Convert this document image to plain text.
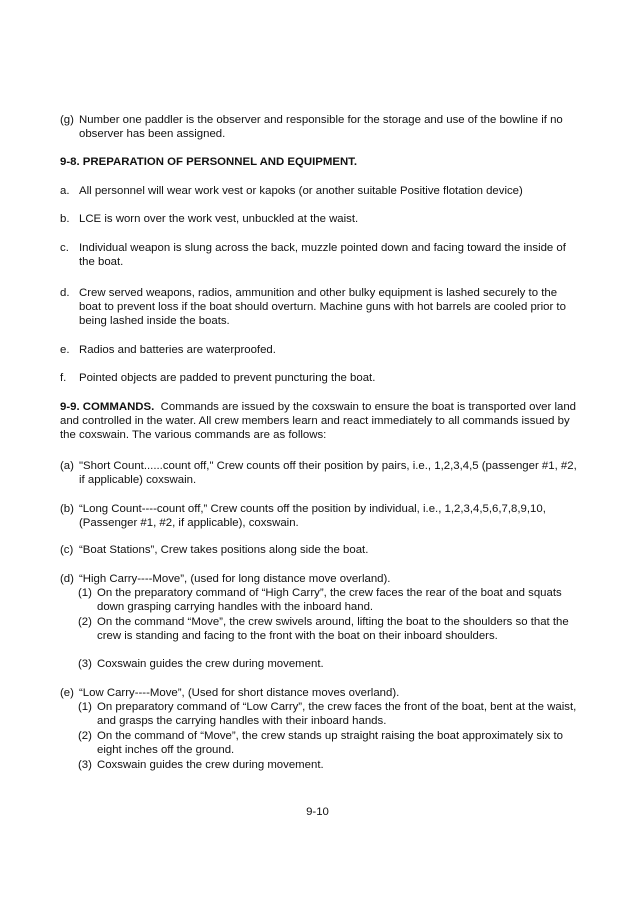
(g) Number one paddler is the observer and responsible for the storage and use of the bowline if no observer has been assigned.
9-8. PREPARATION OF PERSONNEL AND EQUIPMENT.
a. All personnel will wear work vest or kapoks (or another suitable Positive flotation device)
b. LCE is worn over the work vest, unbuckled at the waist.
c. Individual weapon is slung across the back, muzzle pointed down and facing toward the inside of the boat.
d. Crew served weapons, radios, ammunition and other bulky equipment is lashed securely to the boat to prevent loss if the boat should overturn. Machine guns with hot barrels are cooled prior to being lashed inside the boats.
e. Radios and batteries are waterproofed.
f.	Pointed objects are padded to prevent puncturing the boat.
9-9. COMMANDS. Commands are issued by the coxswain to ensure the boat is transported over land and controlled in the water. All crew members learn and react immediately to all commands issued by the coxswain. The various commands are as follows:
(a) "Short Count......count off," Crew counts off their position by pairs, i.e., 1,2,3,4,5 (passenger #1, #2, if applicable) coxswain.
(b) “Long Count----count off,” Crew counts off the position by individual, i.e., 1,2,3,4,5,6,7,8,9,10, (Passenger #1, #2, if applicable), coxswain.
(c) “Boat Stations”, Crew takes positions along side the boat.
(d) “High Carry----Move”, (used for long distance move overland).
(1) On the preparatory command of “High Carry”, the crew faces the rear of the boat and squats down grasping carrying handles with the inboard hand.
(2) On the command “Move”, the crew swivels around, lifting the boat to the shoulders so that the crew is standing and facing to the front with the boat on their inboard shoulders.
(3) Coxswain guides the crew during movement.
(e) “Low Carry----Move”, (Used for short distance moves overland).
(1) On preparatory command of “Low Carry”, the crew faces the front of the boat, bent at the waist, and grasps the carrying handles with their inboard hands.
(2) On the command of “Move”, the crew stands up straight raising the boat approximately six to eight inches off the ground.
(3) Coxswain guides the crew during movement.
9-10
